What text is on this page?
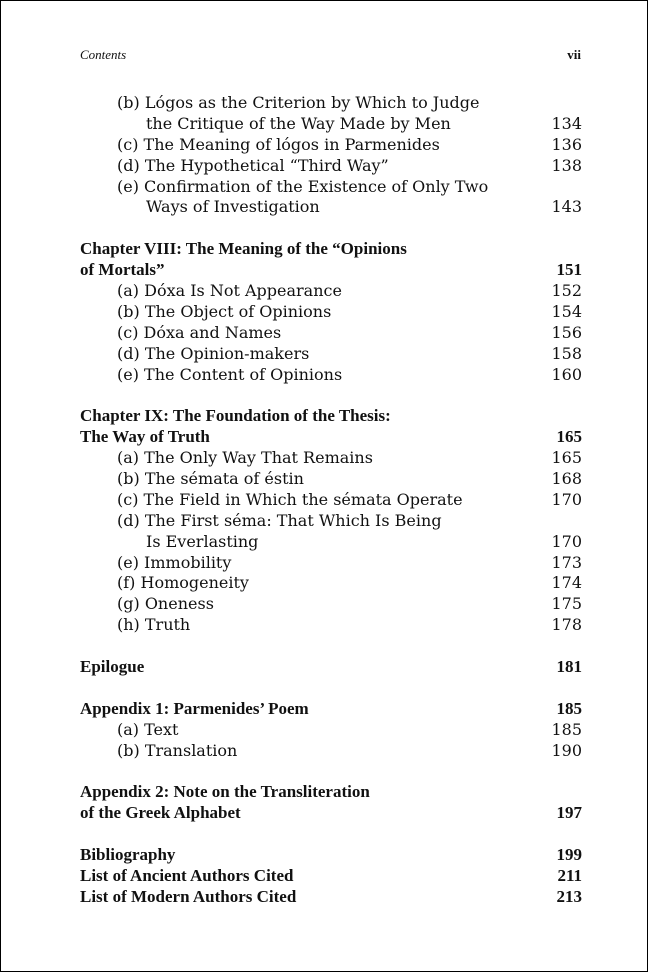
Contents	vii
(b) Lógos as the Criterion by Which to Judge
the Critique of the Way Made by Men	134
(c) The Meaning of lógos in Parmenides	136
(d) The Hypothetical “Third Way”	138
(e) Confirmation of the Existence of Only Two
Ways of Investigation	143
Chapter VIII: The Meaning of the “Opinions
of Mortals”	151
(a) Dóxa Is Not Appearance	152
(b) The Object of Opinions	154
(c) Dóxa and Names	156
(d) The Opinion-makers	158
(e) The Content of Opinions	160
Chapter IX: The Foundation of the Thesis:
The Way of Truth	165
(a) The Only Way That Remains	165
(b) The sémata of éstin	168
(c) The Field in Which the sémata Operate	170
(d) The First séma: That Which Is Being
Is Everlasting	170
(e) Immobility	173
(f) Homogeneity	174
(g) Oneness	175
(h) Truth	178
Epilogue	181
Appendix 1: Parmenides’ Poem	185
(a) Text	185
(b) Translation	190
Appendix 2: Note on the Transliteration
of the Greek Alphabet	197
Bibliography	199
List of Ancient Authors Cited	211
List of Modern Authors Cited	213
